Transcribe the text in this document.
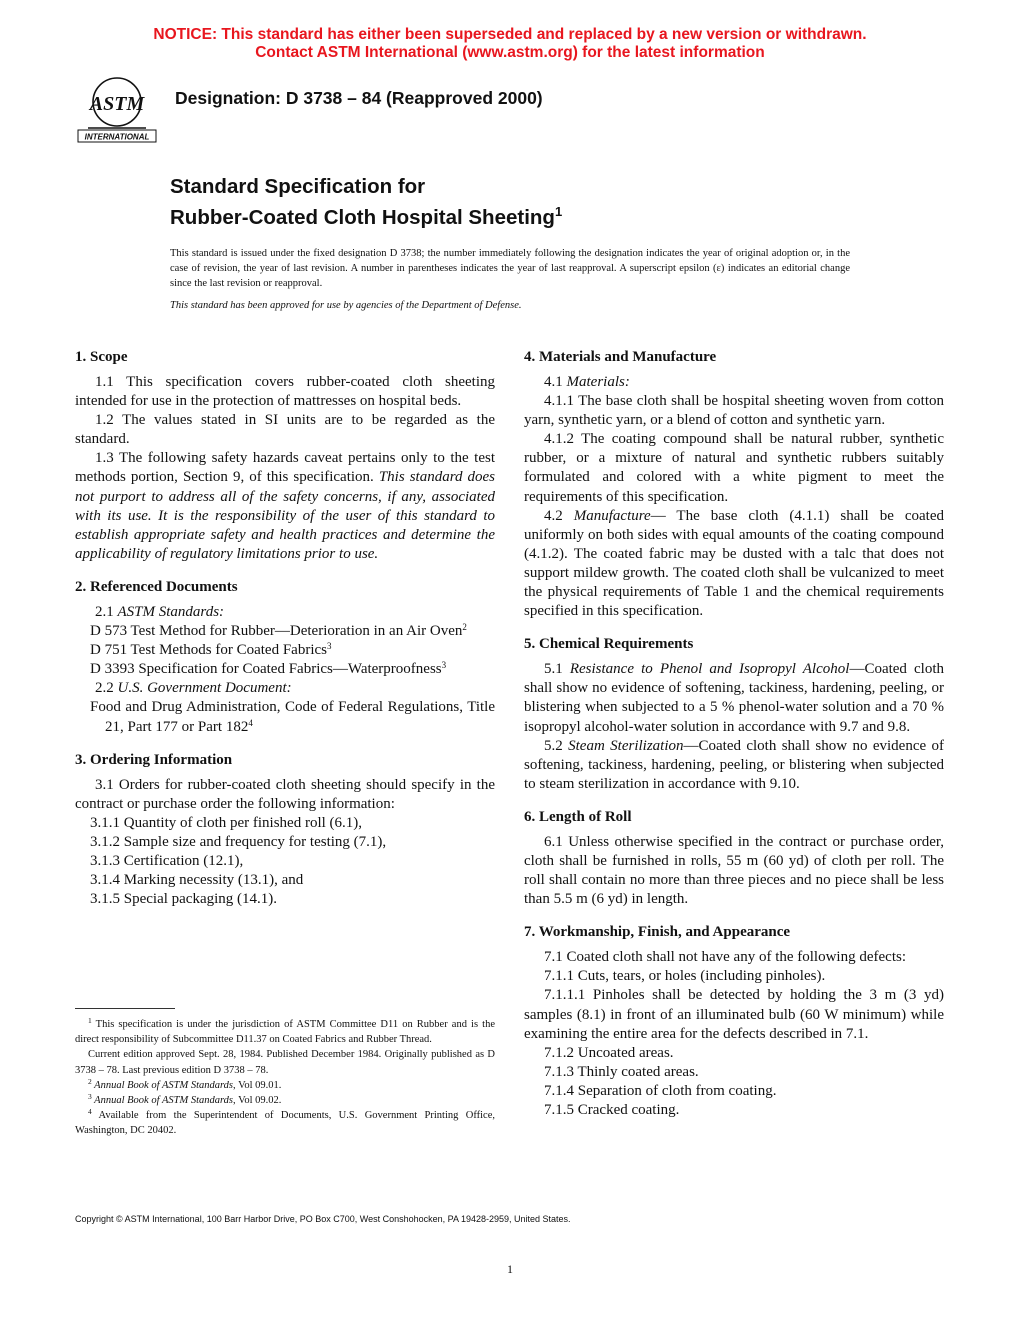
NOTICE: This standard has either been superseded and replaced by a new version or withdrawn.
Contact ASTM International (www.astm.org) for the latest information
ASTM
INTERNATIONAL
Designation: D 3738 – 84 (Reapproved 2000)
Standard Specification for
Rubber-Coated Cloth Hospital Sheeting$^1$
This standard is issued under the fixed designation D 3738; the number immediately following the designation indicates the year of original adoption or, in the case of revision, the year of last revision. A number in parentheses indicates the year of last reapproval. A superscript epsilon (ε) indicates an editorial change since the last revision or reapproval.
This standard has been approved for use by agencies of the Department of Defense.
1. Scope

1.1 This specification covers rubber-coated cloth sheeting intended for use in the protection of mattresses on hospital beds.

1.2 The values stated in SI units are to be regarded as the standard.

1.3 The following safety hazards caveat pertains only to the test methods portion, Section 9, of this specification. This standard does not purport to address all of the safety concerns, if any, associated with its use. It is the responsibility of the user of this standard to establish appropriate safety and health practices and determine the applicability of regulatory limitations prior to use.

2. Referenced Documents

2.1 ASTM Standards:

D 573 Test Method for Rubber—Deterioration in an Air Oven$^2$
D 751 Test Methods for Coated Fabrics$^3$
D 3393 Specification for Coated Fabrics—Waterproofness$^3$

2.2 U.S. Government Document:

Food and Drug Administration, Code of Federal Regulations, Title 21, Part 177 or Part $182^4$
3. Ordering Information

3.1 Orders for rubber-coated cloth sheeting should specify in the contract or purchase order the following information:

3.1.1 Quantity of cloth per finished roll (6.1),
3.1.2 Sample size and frequency for testing (7.1),
3.1.3 Certification (12.1),
3.1.4 Marking necessity (13.1), and
3.1.5 Special packaging (14.1).
4. Materials and Manufacture

4.1 Materials:

4.1.1 The base cloth shall be hospital sheeting woven from cotton yarn, synthetic yarn, or a blend of cotton and synthetic yarn.

4.1.2 The coating compound shall be natural rubber, synthetic rubber, or a mixture of natural and synthetic rubbers suitably formulated and colored with a white pigment to meet the requirements of this specification.

4.2 Manufacture— The base cloth (4.1.1) shall be coated uniformly on both sides with equal amounts of the coating compound (4.1.2). The coated fabric may be dusted with a talc that does not support mildew growth. The coated cloth shall be vulcanized to meet the physical requirements of Table 1 and the chemical requirements specified in this specification.

5. Chemical Requirements

5.1 Resistance to Phenol and Isopropyl Alcohol—Coated cloth shall show no evidence of softening, tackiness, hardening, peeling, or blistering when subjected to a 5 % phenol-water solution and a 70 % isopropyl alcohol-water solution in accordance with 9.7 and 9.8.

5.2 Steam Sterilization—Coated cloth shall show no evidence of softening, tackiness, hardening, peeling, or blistering when subjected to steam sterilization in accordance with 9.10.

6. Length of Roll

6.1 Unless otherwise specified in the contract or purchase order, cloth shall be furnished in rolls, 55 m (60 yd) of cloth per roll. The roll shall contain no more than three pieces and no piece shall be less than 5.5 m (6 yd) in length.

7. Workmanship, Finish, and Appearance

7.1 Coated cloth shall not have any of the following defects:

7.1.1 Cuts, tears, or holes (including pinholes).

7.1.1.1 Pinholes shall be detected by holding the 3 m (3 yd) samples (8.1) in front of an illuminated bulb (60 W minimum) while examining the entire area for the defects described in 7.1.

7.1.2 Uncoated areas.

7.1.3 Thinly coated areas.

7.1.4 Separation of cloth from coating.

7.1.5 Cracked coating.

$^1$ This specification is under the jurisdiction of ASTM Committee D11 on Rubber and is the direct responsibility of Subcommittee D11.37 on Coated Fabrics and Rubber Thread.

Current edition approved Sept. 28, 1984. Published December 1984. Originally published as D 3738 – 78. Last previous edition D 3738 – 78.

$^2$ Annual Book of ASTM Standards, Vol 09.01.

$^3$ Annual Book of ASTM Standards, Vol 09.02.

$^4$ Available from the Superintendent of Documents, U.S. Government Printing Office, Washington, DC 20402.

Copyright © ASTM International, 100 Barr Harbor Drive, PO Box C700, West Conshohocken, PA 19428-2959, United States.
1
